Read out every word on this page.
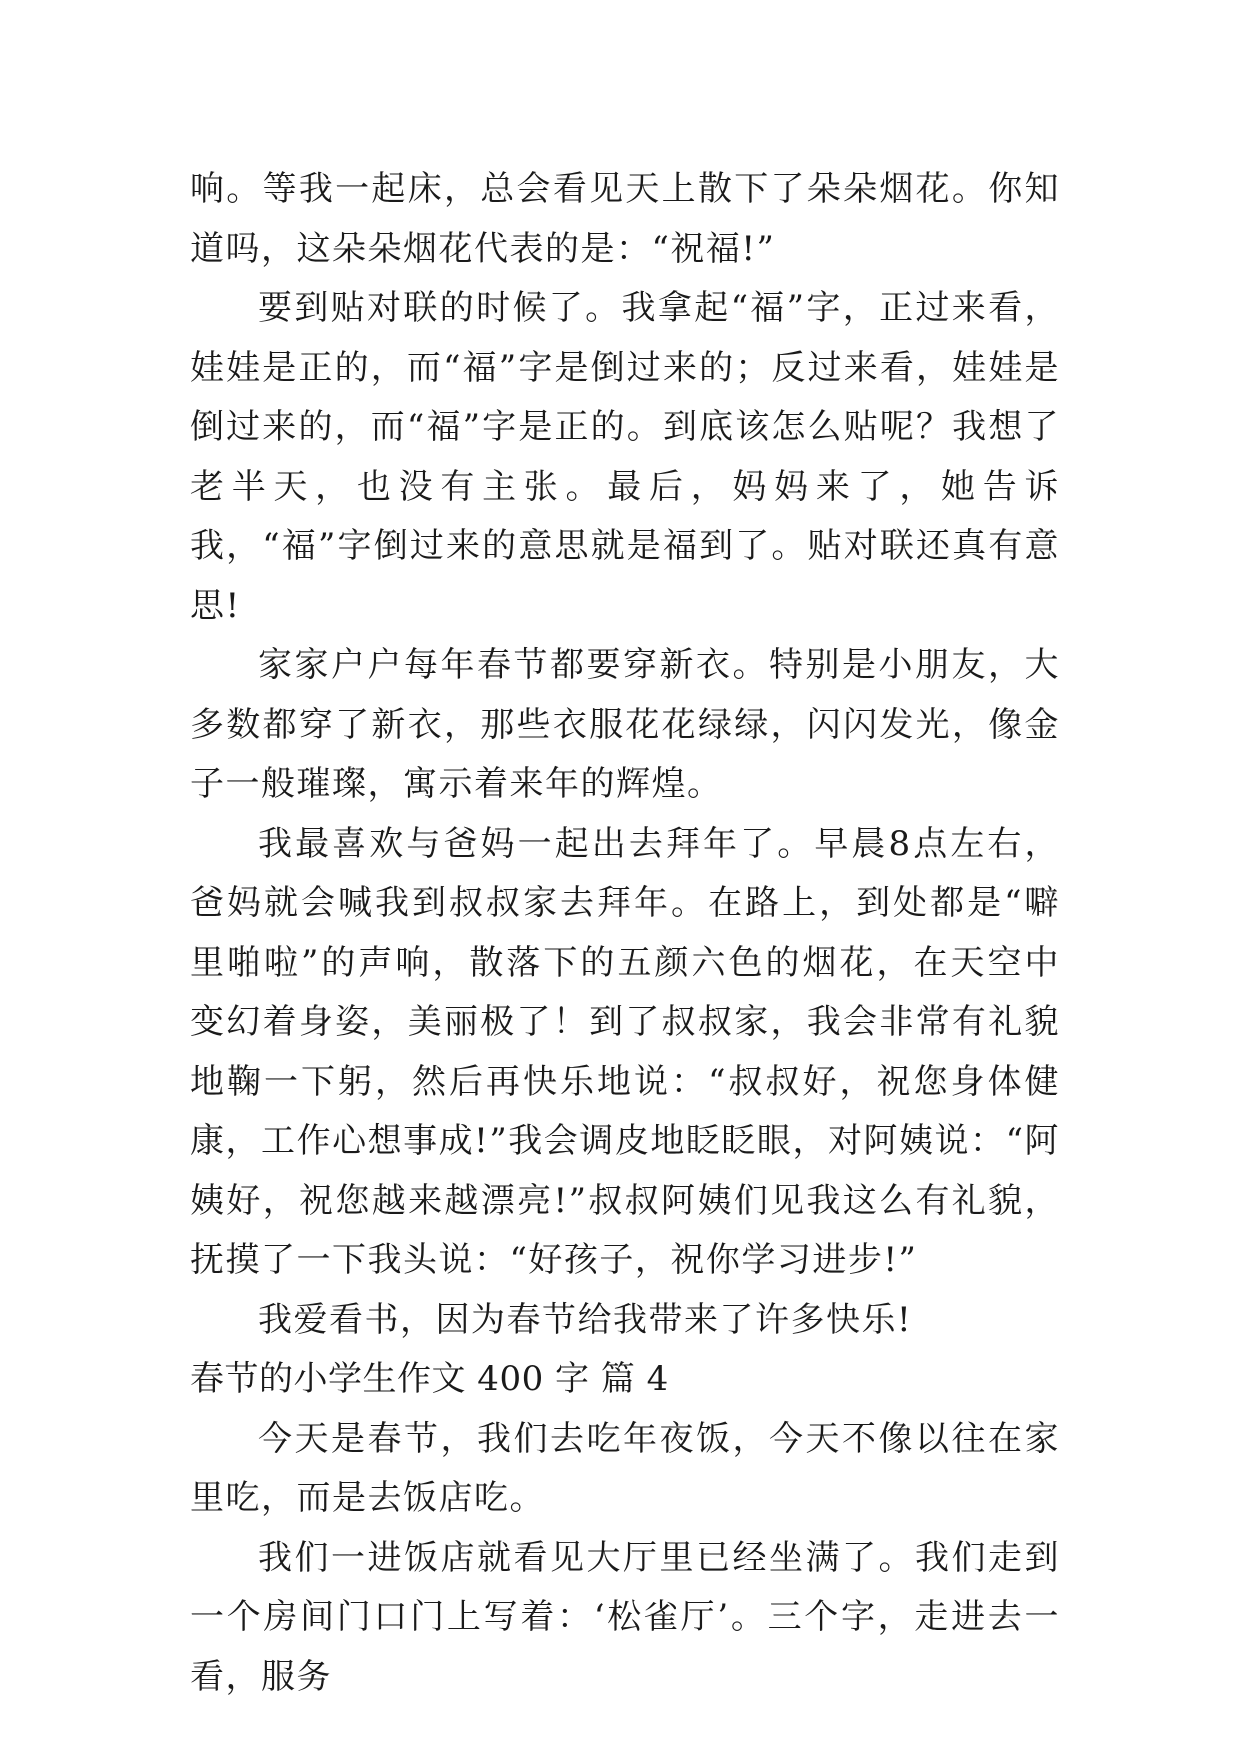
响。等我一起床，总会看见天上散下了朵朵烟花。你知道吗，这朵朵烟花代表的是：“祝福!”

要到贴对联的时候了。我拿起“福”字，正过来看，娃娃是正的，而“福”字是倒过来的；反过来看，娃娃是倒过来的，而“福”字是正的。到底该怎么贴呢？我想了老半天，也没有主张。最后，妈妈来了，她告诉我，“福”字倒过来的意思就是福到了。贴对联还真有意思!

家家户户每年春节都要穿新衣。特别是小朋友，大多数都穿了新衣，那些衣服花花绿绿，闪闪发光，像金子一般璀璨，寓示着来年的辉煌。

我最喜欢与爸妈一起出去拜年了。早晨8点左右，爸妈就会喊我到叔叔家去拜年。在路上，到处都是“噼里啪啦”的声响，散落下的五颜六色的烟花，在天空中变幻着身姿，美丽极了！到了叔叔家，我会非常有礼貌地鞠一下躬，然后再快乐地说：“叔叔好，祝您身体健康，工作心想事成!”我会调皮地眨眨眼，对阿姨说：“阿姨好，祝您越来越漂亮!”叔叔阿姨们见我这么有礼貌，抚摸了一下我头说：“好孩子，祝你学习进步!”

我爱看书，因为春节给我带来了许多快乐!

春节的小学生作文 400 字 篇 4

今天是春节，我们去吃年夜饭，今天不像以往在家里吃，而是去饭店吃。

我们一进饭店就看见大厅里已经坐满了。我们走到一个房间门口门上写着：‘松雀厅’。三个字，走进去一看，服务
